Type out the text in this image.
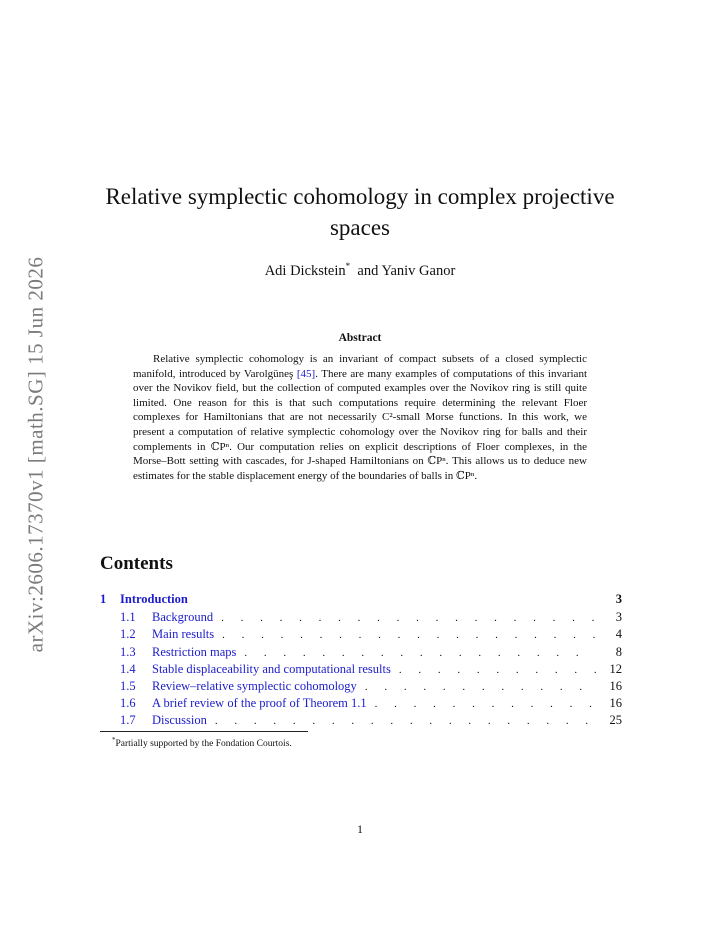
arXiv:2606.17370v1 [math.SG] 15 Jun 2026
Relative symplectic cohomology in complex projective spaces
Adi Dickstein* and Yaniv Ganor
Abstract

Relative symplectic cohomology is an invariant of compact subsets of a closed symplectic manifold, introduced by Varolgüneş [45]. There are many examples of computations of this invariant over the Novikov field, but the collection of computed examples over the Novikov ring is still quite limited. One reason for this is that such computations require determining the relevant Floer complexes for Hamiltonians that are not necessarily C²-small Morse functions. In this work, we present a computation of relative symplectic cohomology over the Novikov ring for balls and their complements in ℂPⁿ. Our computation relies on explicit descriptions of Floer complexes, in the Morse–Bott setting with cascades, for J-shaped Hamiltonians on ℂPⁿ. This allows us to deduce new estimates for the stable displacement energy of the boundaries of balls in ℂPⁿ.

Contents
1	Introduction	3
1.1	Background . . .	3
1.2	Main results . . .	4
1.3	Restriction maps . . .	8
1.4	Stable displaceability and computational results . . .	12
1.5	Review–relative symplectic cohomology . . .	16
1.6	A brief review of the proof of Theorem 1.1 . . .	16
1.7	Discussion . . .	25
*Partially supported by the Fondation Courtois.
1
